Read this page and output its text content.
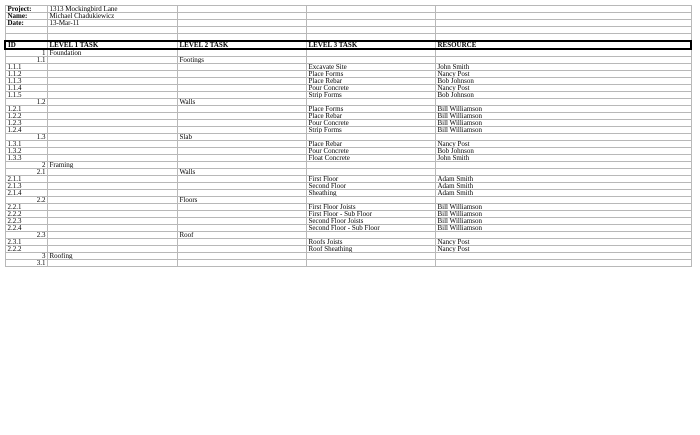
Project:	1313 Mockingbird Lane			
Name:	Michael Chadukiewicz			
Date:	13-Mar-11			

ID	LEVEL 1 TASK	LEVEL 2 TASK	LEVEL 3 TASK	RESOURCE
1	Foundation			
1.1		Footings		
1.1.1			Excavate Site	John Smith
1.1.2			Place Forms	Nancy Post
1.1.3			Place Rebar	Bob Johnson
1.1.4			Pour Concrete	Nancy Post
1.1.5			Strip Forms	Bob Johnson
1.2		Walls		
1.2.1			Place Forms	Bill Williamson
1.2.2			Place Rebar	Bill Williamson
1.2.3			Pour Concrete	Bill Williamson
1.2.4			Strip Forms	Bill Williamson
1.3		Slab		
1.3.1			Place Rebar	Nancy Post
1.3.2			Pour Concrete	Bob Johnson
1.3.3			Float Concrete	John Smith
2	Framing			
2.1		Walls		
2.1.1			First Floor	Adam Smith
2.1.3			Second Floor	Adam Smith
2.1.4			Sheathing	Adam Smith
2.2		Floors		
2.2.1			First Floor Joists	Bill Williamson
2.2.2			First Floor - Sub Floor	Bill Williamson
2.2.3			Second Floor Joists	Bill Williamson
2.2.4			Second Floor - Sub Floor	Bill Williamson
2.3		Roof		
2.3.1			Roofs Joists	Nancy Post
2.2.2			Roof Sheathing	Nancy Post
3	Roofing			
3.1				
